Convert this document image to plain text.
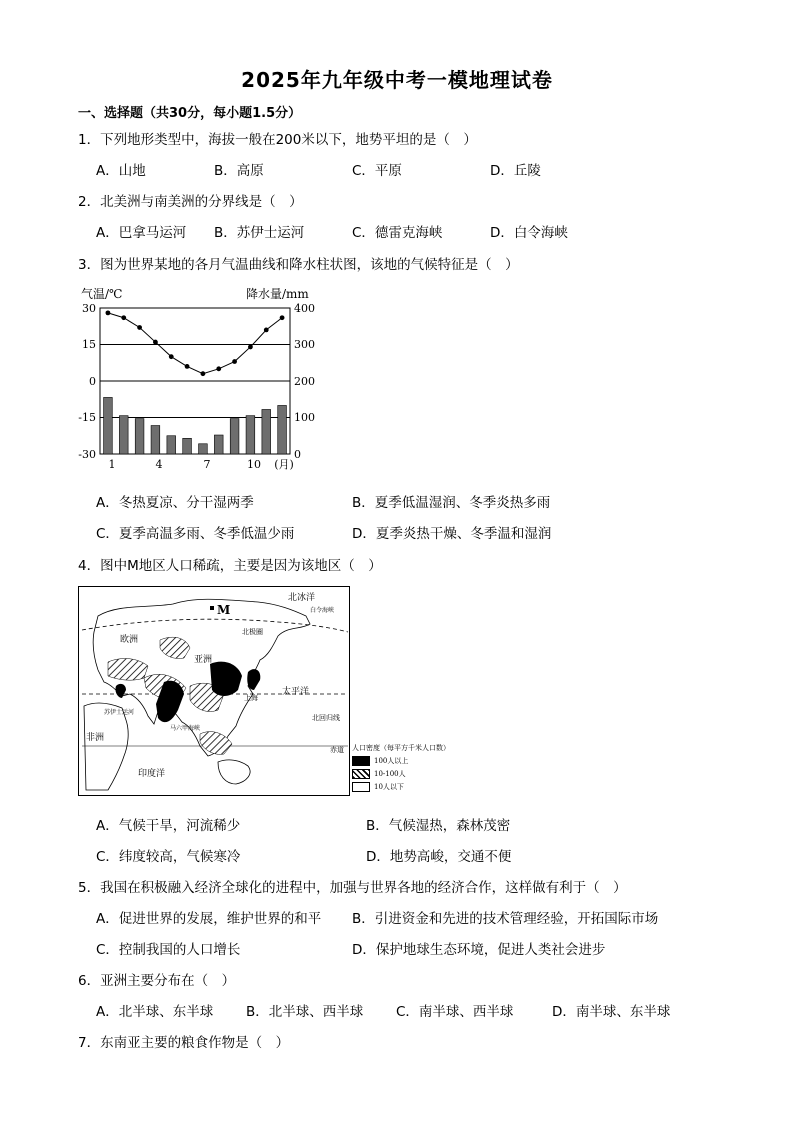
2025年九年级中考一模地理试卷
一、选择题（共30分，每小题1.5分）
1．下列地形类型中，海拔一般在200米以下，地势平坦的是（　）
A．山地	B．高原	C．平原	D．丘陵
2．北美洲与南美洲的分界线是（　）
A．巴拿马运河 B．苏伊士运河	C．德雷克海峡	D．白令海峡
3．图为世界某地的各月气温曲线和降水柱状图，该地的气候特征是（　）
气温/℃	降水量/mm
30
15
0
-15
-30
400
300
200
100
0
1	4	7	10 (月)
A．冬热夏凉、分干湿两季	B．夏季低温湿润、冬季炎热多雨
C．夏季高温多雨、冬季低温少雨	D．夏季炎热干燥、冬季温和湿润
4．图中M地区人口稀疏，主要是因为该地区（　）
北冰洋
白令海峡
M
欧洲
北极圈
亚洲
太平洋
上海
北回归线
苏伊士运河
马六甲海峡
非洲
赤道
印度洋
人口密度（每平方千米人口数）
100人以上
10-100人
10人以下
A．气候干旱，河流稀少	B．气候湿热，森林茂密
C．纬度较高，气候寒冷	D．地势高峻，交通不便
5．我国在积极融入经济全球化的进程中，加强与世界各地的经济合作，这样做有利于（　）
A．促进世界的发展，维护世界的和平 B．引进资金和先进的技术管理经验，开拓国际市场
C．控制我国的人口增长	D．保护地球生态环境，促进人类社会进步
6．亚洲主要分布在（　）
A．北半球、东半球 B．北半球、西半球 C．南半球、西半球	D．南半球、东半球
7．东南亚主要的粮食作物是（　）
